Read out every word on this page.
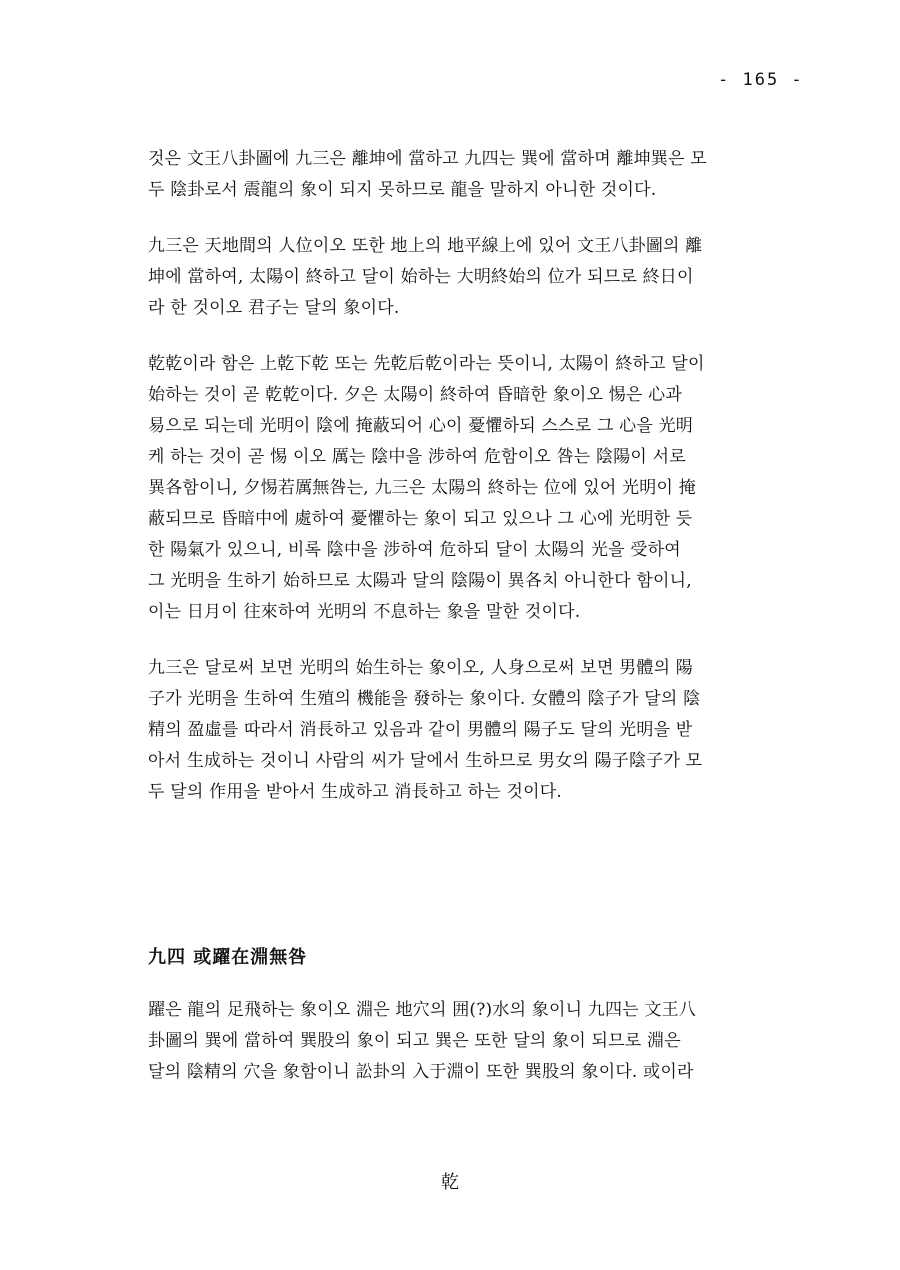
- 165 -

것은 文王八卦圖에 九三은 離坤에 當하고 九四는 巽에 當하며 離坤巽은 모
두 陰卦로서 震龍의 象이 되지 못하므로 龍을 말하지 아니한 것이다.

九三은 天地間의 人位이오 또한 地上의 地平線上에 있어 文王八卦圖의 離
坤에 當하여, 太陽이 終하고 달이 始하는 大明終始의 位가 되므로 終日이
라 한 것이오 君子는 달의 象이다.

乾乾이라 함은 上乾下乾 또는 先乾后乾이라는 뜻이니, 太陽이 終하고 달이
始하는 것이 곧 乾乾이다. 夕은 太陽이 終하여 昏暗한 象이오 惕은 心과
易으로 되는데 光明이 陰에 掩蔽되어 心이 憂懼하되 스스로 그 心을 光明
케 하는 것이 곧 惕 이오 厲는 陰中을 涉하여 危함이오 咎는 陰陽이 서로
異各함이니, 夕惕若厲無咎는, 九三은 太陽의 終하는 位에 있어 光明이 掩
蔽되므로 昏暗中에 處하여 憂懼하는 象이 되고 있으나 그 心에 光明한 듯
한 陽氣가 있으니, 비록 陰中을 涉하여 危하되 달이 太陽의 光을 受하여
그 光明을 生하기 始하므로 太陽과 달의 陰陽이 異各치 아니한다 함이니,
이는 日月이 往來하여 光明의 不息하는 象을 말한 것이다.

九三은 달로써 보면 光明의 始生하는 象이오, 人身으로써 보면 男體의 陽
子가 光明을 生하여 生殖의 機能을 發하는 象이다. 女體의 陰子가 달의 陰
精의 盈虛를 따라서 消長하고 있음과 같이 男體의 陽子도 달의 光明을 받
아서 生成하는 것이니 사람의 씨가 달에서 生하므로 男女의 陽子陰子가 모
두 달의 作用을 받아서 生成하고 消長하고 하는 것이다.

九四 或躍在淵無咎

躍은 龍의 足飛하는 象이오 淵은 地穴의 囲(?)水의 象이니 九四는 文王八
卦圖의 巽에 當하여 巽股의 象이 되고 巽은 또한 달의 象이 되므로 淵은
달의 陰精의 穴을 象함이니 訟卦의 入于淵이 또한 巽股의 象이다. 或이라

乾
